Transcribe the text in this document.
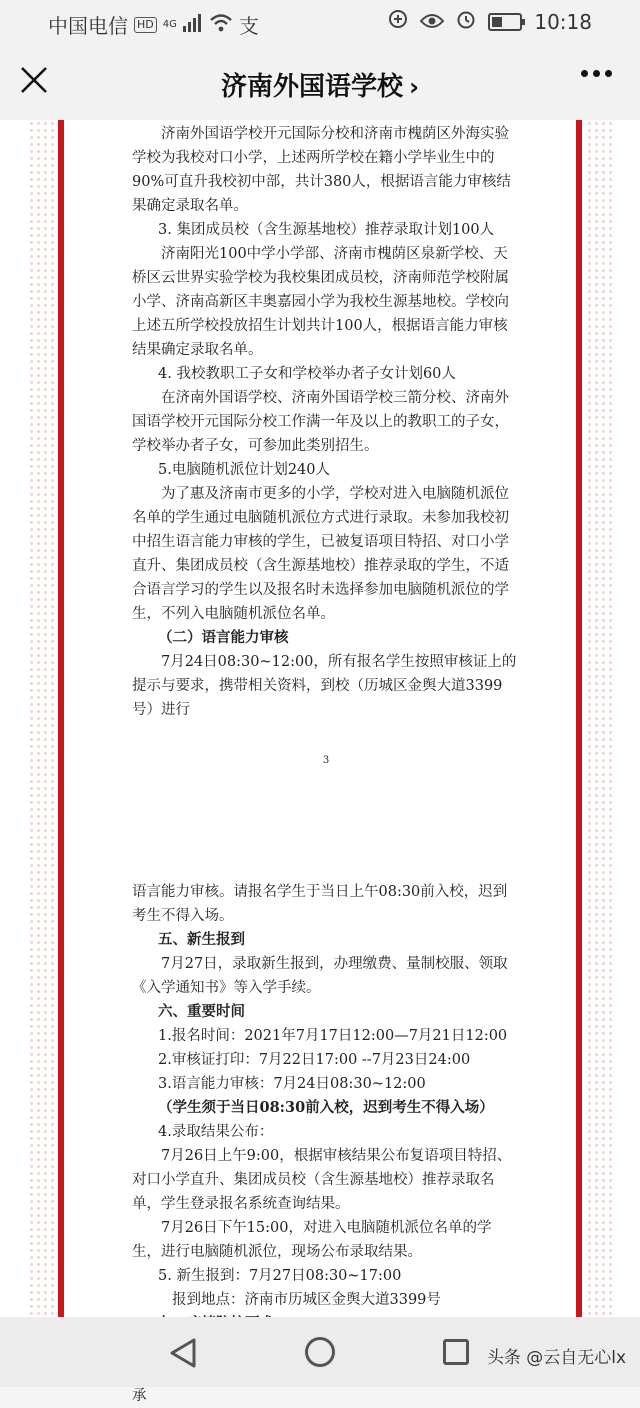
中国电信 HD 4G	支	10:18
济南外国语学校 ›

济南外国语学校开元国际分校和济南市槐荫区外海实验学校为我校对口小学，上述两所学校在籍小学毕业生中的90%可直升我校初中部，共计380人，根据语言能力审核结果确定录取名单。

3. 集团成员校（含生源基地校）推荐录取计划100人

济南阳光100中学小学部、济南市槐荫区泉新学校、天桥区云世界实验学校为我校集团成员校，济南师范学校附属小学、济南高新区丰奥嘉园小学为我校生源基地校。学校向上述五所学校投放招生计划共计100人，根据语言能力审核结果确定录取名单。

4. 我校教职工子女和学校举办者子女计划60人

在济南外国语学校、济南外国语学校三箭分校、济南外国语学校开元国际分校工作满一年及以上的教职工的子女，学校举办者子女，可参加此类别招生。

5.电脑随机派位计划240人

为了惠及济南市更多的小学，学校对进入电脑随机派位名单的学生通过电脑随机派位方式进行录取。未参加我校初中招生语言能力审核的学生，已被复语项目特招、对口小学直升、集团成员校（含生源基地校）推荐录取的学生，不适合语言学习的学生以及报名时未选择参加电脑随机派位的学生，不列入电脑随机派位名单。

（二）语言能力审核

7月24日08:30~12:00，所有报名学生按照审核证上的提示与要求，携带相关资料，到校（历城区金舆大道3399号）进行

3

语言能力审核。请报名学生于当日上午08:30前入校，迟到考生不得入场。

五、新生报到

7月27日，录取新生报到，办理缴费、量制校服、领取《入学通知书》等入学手续。

六、重要时间

1.报名时间：2021年7月17日12:00—7月21日12:00

2.审核证打印：7月22日17:00 --7月23日24:00

3.语言能力审核：7月24日08:30~12:00

（学生须于当日08:30前入校，迟到考生不得入场）

4.录取结果公布：

7月26日上午9:00，根据审核结果公布复语项目特招、对口小学直升、集团成员校（含生源基地校）推荐录取名单，学生登录报名系统查询结果。

7月26日下午15:00，对进入电脑随机派位名单的学生，进行电脑随机派位，现场公布录取结果。

5. 新生报到：7月27日08:30~17:00

报到地点：济南市历城区金舆大道3399号

承

头条 @云自无心lx
